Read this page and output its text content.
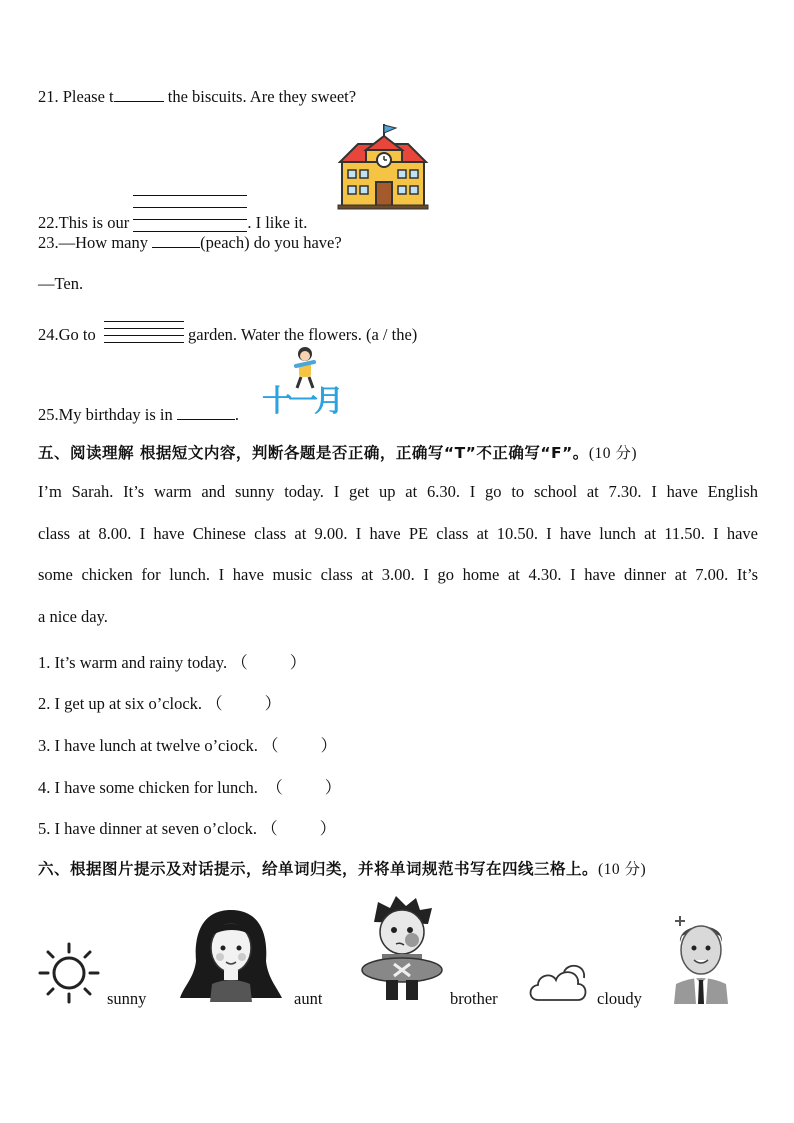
21. Please t	the biscuits. Are they sweet?
22.This is our	. I like it.
23.—How many	(peach) do you have?
—Ten.
24.Go to	garden. Water the flowers. (a / the)
25.My birthday is in	. 十一月
五、阅读理解 根据短文内容，判断各题是否正确，正确写“T”不正确写“F”。(10 分)
I’m Sarah. It’s warm and sunny today. I get up at 6.30. I go to school at 7.30. I have English
class at 8.00. I have Chinese class at 9.00. I have PE class at 10.50. I have lunch at 11.50. I have
some chicken for lunch. I have music class at 3.00. I go home at 4.30. I have dinner at 7.00. It’s
a nice day.
1. It’s warm and rainy today. （	）
2. I get up at six o’clock. （	）
3. I have lunch at twelve o’ciock. （	）
4. I have some chicken for lunch. （	）
5. I have dinner at seven o’clock. （	）
六、根据图片提示及对话提示，给单词归类，并将单词规范书写在四线三格上。(10 分)
sunny	aunt	brother	cloudy
